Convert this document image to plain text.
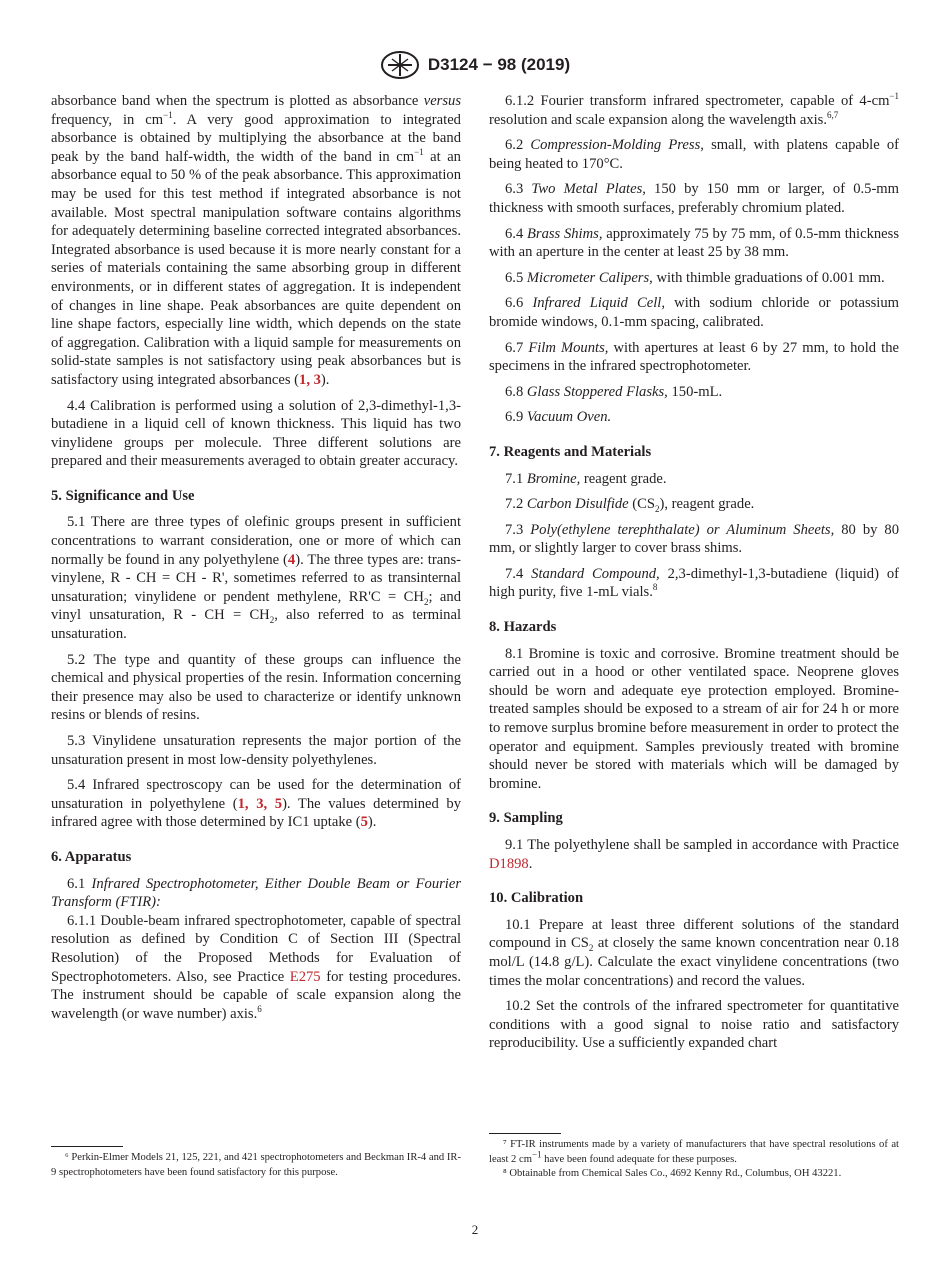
D3124 − 98 (2019)

absorbance band when the spectrum is plotted as absorbance versus frequency, in $cm^{-1}$. A very good approximation to integrated absorbance is obtained by multiplying the absorbance at the band peak by the band half-width, the width of the band in $cm^{-1}$ at an absorbance equal to 50 % of the peak absorbance. This approximation may be used for this test method if integrated absorbance is not available. Most spectral manipulation software contains algorithms for adequately determining baseline corrected integrated absorbances. Integrated absorbance is used because it is more nearly constant for a series of materials containing the same absorbing group in different environments, or in different states of aggregation. It is independent of changes in line shape. Peak absorbances are quite dependent on line shape factors, especially line width, which depends on the state of aggregation. Calibration with a liquid sample for measurements on solid-state samples is not satisfactory using peak absorbances but is satisfactory using integrated absorbances (1, 3).

4.4 Calibration is performed using a solution of 2,3-dimethyl-1,3-butadiene in a liquid cell of known thickness. This liquid has two vinylidene groups per molecule. Three different solutions are prepared and their measurements averaged to obtain greater accuracy.

5. Significance and Use

5.1 There are three types of olefinic groups present in sufficient concentrations to warrant consideration, one or more of which can normally be found in any polyethylene (4). The three types are: trans-vinylene, R - CH = CH - R', sometimes referred to as transinternal unsaturation; vinylidene or pendent methylene, $RR'C = CH_2$; and vinyl unsaturation, R - CH = $CH_2$, also referred to as terminal unsaturation.

5.2 The type and quantity of these groups can influence the chemical and physical properties of the resin. Information concerning their presence may also be used to characterize or identify unknown resins or blends of resins.

5.3 Vinylidene unsaturation represents the major portion of the unsaturation present in most low-density polyethylenes.

5.4 Infrared spectroscopy can be used for the determination of unsaturation in polyethylene (1, 3, 5). The values determined by infrared agree with those determined by IC1 uptake (5).

6. Apparatus

6.1 Infrared Spectrophotometer, Either Double Beam or Fourier Transform (FTIR):

6.1.1 Double-beam infrared spectrophotometer, capable of spectral resolution as defined by Condition C of Section III (Spectral Resolution) of the Proposed Methods for Evaluation of Spectrophotometers. Also, see Practice E275 for testing procedures. The instrument should be capable of scale expansion along the wavelength (or wave number) axis.$^6$

6.1.2 Fourier transform infrared spectrometer, capable of $4-cm^{-1}$ resolution and scale expansion along the wavelength axis.$^{6,7}$

6.2 Compression-Molding Press, small, with platens capable of being heated to 170°C.

6.3 Two Metal Plates, 150 by 150 mm or larger, of 0.5-mm thickness with smooth surfaces, preferably chromium plated.

6.4 Brass Shims, approximately 75 by 75 mm, of 0.5-mm thickness with an aperture in the center at least 25 by 38 mm.

6.5 Micrometer Calipers, with thimble graduations of 0.001 mm.

6.6 Infrared Liquid Cell, with sodium chloride or potassium bromide windows, 0.1-mm spacing, calibrated.

6.7 Film Mounts, with apertures at least 6 by 27 mm, to hold the specimens in the infrared spectrophotometer.

6.8 Glass Stoppered Flasks, 150-mL.

6.9 Vacuum Oven.

7. Reagents and Materials

7.1 Bromine, reagent grade.

7.2 Carbon Disulfide $(CS_2)$, reagent grade.

7.3 Poly(ethylene terephthalate) or Aluminum Sheets, 80 by 80 mm, or slightly larger to cover brass shims.

7.4 Standard Compound, 2,3-dimethyl-1,3-butadiene (liquid) of high purity, five 1-mL vials.$^8$

8. Hazards

8.1 Bromine is toxic and corrosive. Bromine treatment should be carried out in a hood or other ventilated space. Neoprene gloves should be worn and adequate eye protection employed. Bromine-treated samples should be exposed to a stream of air for 24 h or more to remove surplus bromine before measurement in order to protect the operator and equipment. Samples previously treated with bromine should never be stored with materials which will be damaged by bromine.

9. Sampling

9.1 The polyethylene shall be sampled in accordance with Practice D1898.

10. Calibration

10.1 Prepare at least three different solutions of the standard compound in $CS_2$ at closely the same known concentration near 0.18 mol/L (14.8 g/L). Calculate the exact vinylidene concentrations (two times the molar concentrations) and record the values.

10.2 Set the controls of the infrared spectrometer for quantitative conditions with a good signal to noise ratio and satisfactory reproducibility. Use a sufficiently expanded chart

⁶ Perkin-Elmer Models 21, 125, 221, and 421 spectrophotometers and Beckman IR-4 and IR-9 spectrophotometers have been found satisfactory for this purpose.

⁷ FT-IR instruments made by a variety of manufacturers that have spectral resolutions of at least 2 $cm^{-1}$ have been found adequate for these purposes.

⁸ Obtainable from Chemical Sales Co., 4692 Kenny Rd., Columbus, OH 43221.

2
